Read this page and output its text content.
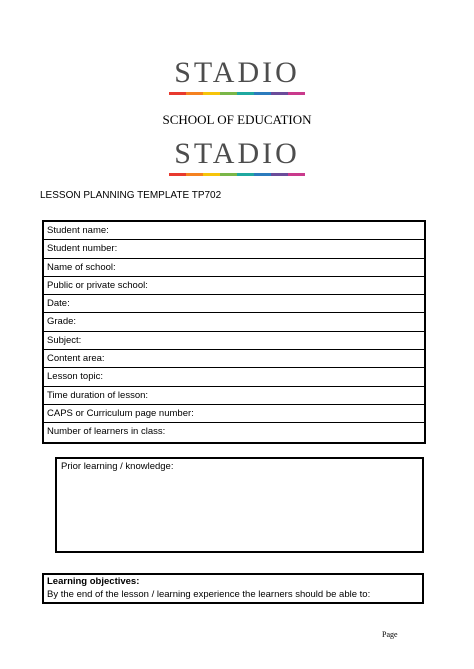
STADIO
SCHOOL OF EDUCATION
STADIO
LESSON PLANNING TEMPLATE TP702
Student name:
Student number:
Name of school:
Public or private school:
Date:
Grade:
Subject:
Content area:
Lesson topic:
Time duration of lesson:
CAPS or Curriculum page number:
Number of learners in class:
Prior learning / knowledge:
Learning objectives:
By the end of the lesson / learning experience the learners should be able to:
Page
